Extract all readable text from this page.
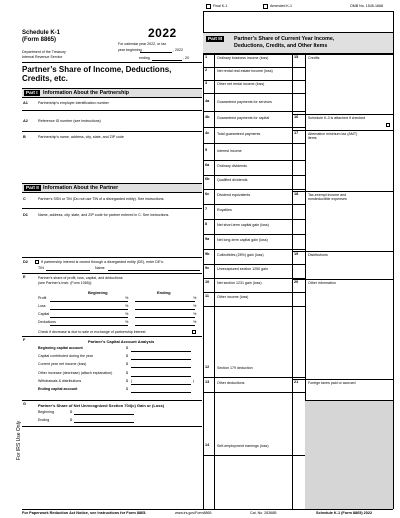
Final K-1	Amended K-1	OMB No. 1545-1668
Schedule K-1
(Form 8865)
Department of the Treasury
Internal Revenue Service
2022
For calendar year 2022, or tax
year beginning	, 2022
ending	, 20
Partner’s Share of Income, Deductions,
Credits, etc.
Part I	Information About the Partnership
A1	Partnership’s employer identification number
A2	Reference ID number (see instructions)
B	Partnership’s name, address, city, state, and ZIP code
Part II Information About the Partner
C	Partner’s SSN or TIN (Do not use TIN of a disregarded entity). See instructions.
D1	Name, address, city, state, and ZIP code for partner entered in C. See instructions.
D2	If partnership interest is owned through a disregarded entity (DE), enter DE’s:
TIN	Name
E	Partner’s share of profit, loss, capital, and deductions
(see Partner’s Instr. (Form 1065)):
Beginning	Ending
Profit	%	%
Loss	%	%
Capital	%	%
Deductions	%	%
Check if decrease is due to sale or exchange of partnership interest
F	Partner’s Capital Account Analysis
Beginning capital account	$
Capital contributed during the year	$
Current year net income (loss)	$
Other increase (decrease) (attach explanation)	$
Withdrawals & distributions	$ (	)
Ending capital account	$
G	Partner’s Share of Net Unrecognized Section 704(c) Gain or (Loss)
Beginning	$
Ending	$
For IRS Use Only
Part III	Partner’s Share of Current Year Income,
Deductions, Credits, and Other Items
1	Ordinary business income (loss)
2	Net rental real estate income (loss)
3	Other net rental income (loss)
4a Guaranteed payments for services
4b Guaranteed payments for capital
4c Total guaranteed payments
5	Interest income
6a Ordinary dividends
6b Qualified dividends
6c Dividend equivalents
7	Royalties
8	Net short-term capital gain (loss)
9a Net long-term capital gain (loss)
9b Collectibles (28%) gain (loss)
9c Unrecaptured section 1250 gain
10 Net section 1231 gain (loss)
11 Other income (loss)
12 Section 179 deduction
13 Other deductions
14 Self-employment earnings (loss)
15	Credits
16	Schedule K-3 is attached if checked
17	Alternative minimum tax (AMT) items
18	Tax-exempt income and nondeductible expenses
19	Distributions
20	Other information
21	Foreign taxes paid or accrued
For Paperwork Reduction Act Notice, see Instructions for Form 8865.	www.irs.gov/Form8865	Cat. No. 28368B	Schedule K-1 (Form 8865) 2022
